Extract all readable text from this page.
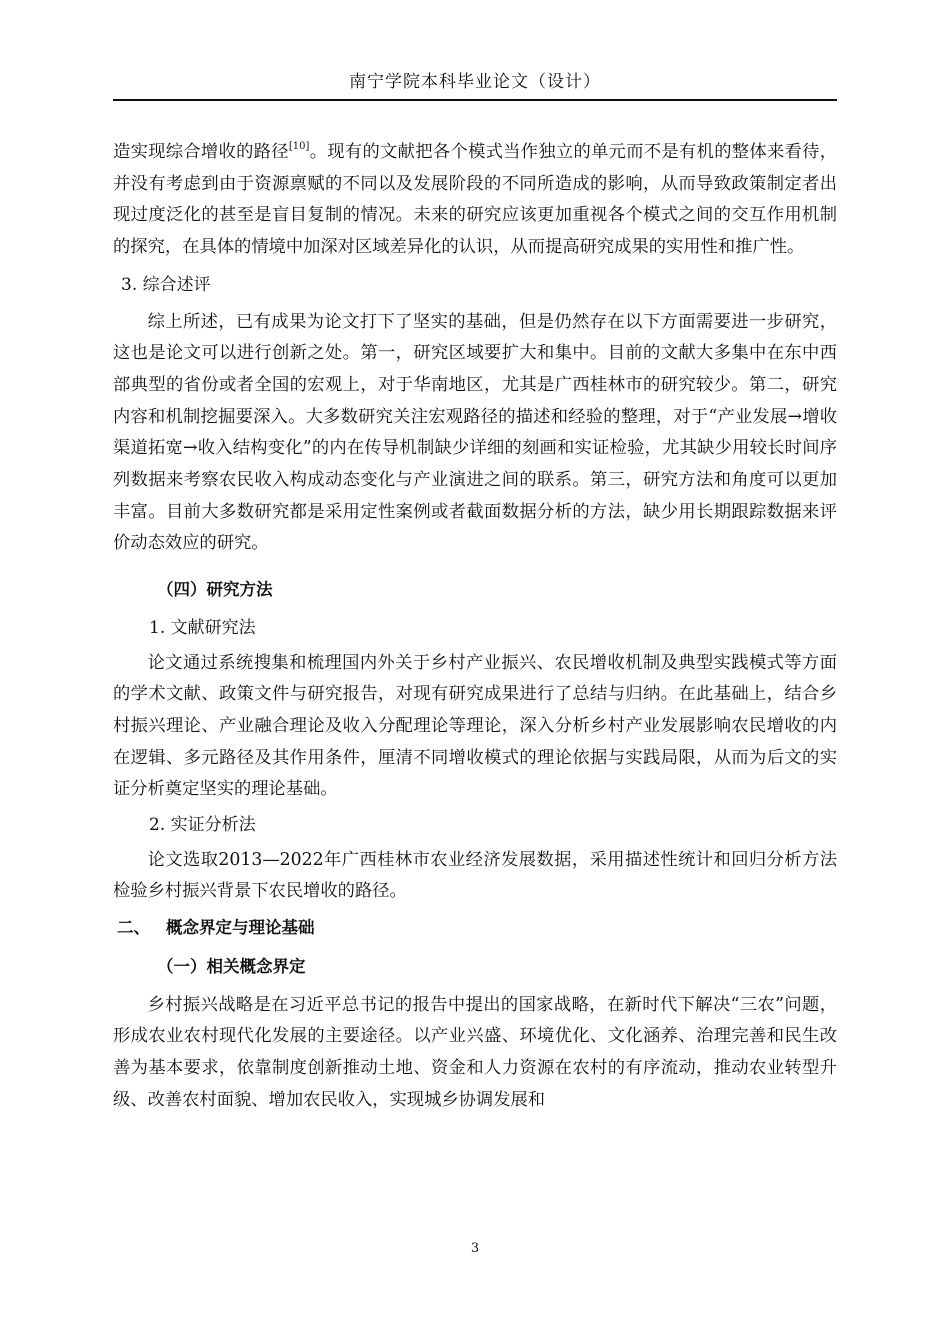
南宁学院本科毕业论文（设计）

造实现综合增收的路径[10]。现有的文献把各个模式当作独立的单元而不是有机的整体来看待，并没有考虑到由于资源禀赋的不同以及发展阶段的不同所造成的影响，从而导致政策制定者出现过度泛化的甚至是盲目复制的情况。未来的研究应该更加重视各个模式之间的交互作用机制的探究，在具体的情境中加深对区域差异化的认识，从而提高研究成果的实用性和推广性。

3. 综合述评

综上所述，已有成果为论文打下了坚实的基础，但是仍然存在以下方面需要进一步研究，这也是论文可以进行创新之处。第一，研究区域要扩大和集中。目前的文献大多集中在东中西部典型的省份或者全国的宏观上，对于华南地区，尤其是广西桂林市的研究较少。第二，研究内容和机制挖掘要深入。大多数研究关注宏观路径的描述和经验的整理，对于“产业发展→增收渠道拓宽→收入结构变化”的内在传导机制缺少详细的刻画和实证检验，尤其缺少用较长时间序列数据来考察农民收入构成动态变化与产业演进之间的联系。第三，研究方法和角度可以更加丰富。目前大多数研究都是采用定性案例或者截面数据分析的方法，缺少用长期跟踪数据来评价动态效应的研究。

（四）研究方法
1. 文献研究法

论文通过系统搜集和梳理国内外关于乡村产业振兴、农民增收机制及典型实践模式等方面的学术文献、政策文件与研究报告，对现有研究成果进行了总结与归纳。在此基础上，结合乡村振兴理论、产业融合理论及收入分配理论等理论，深入分析乡村产业发展影响农民增收的内在逻辑、多元路径及其作用条件，厘清不同增收模式的理论依据与实践局限，从而为后文的实证分析奠定坚实的理论基础。

2. 实证分析法

论文选取2013—2022年广西桂林市农业经济发展数据，采用描述性统计和回归分析方法检验乡村振兴背景下农民增收的路径。

二、 概念界定与理论基础
（一）相关概念界定

乡村振兴战略是在习近平总书记的报告中提出的国家战略，在新时代下解决“三农”问题，形成农业农村现代化发展的主要途径。以产业兴盛、环境优化、文化涵养、治理完善和民生改善为基本要求，依靠制度创新推动土地、资金和人力资源在农村的有序流动，推动农业转型升级、改善农村面貌、增加农民收入，实现城乡协调发展和

3
